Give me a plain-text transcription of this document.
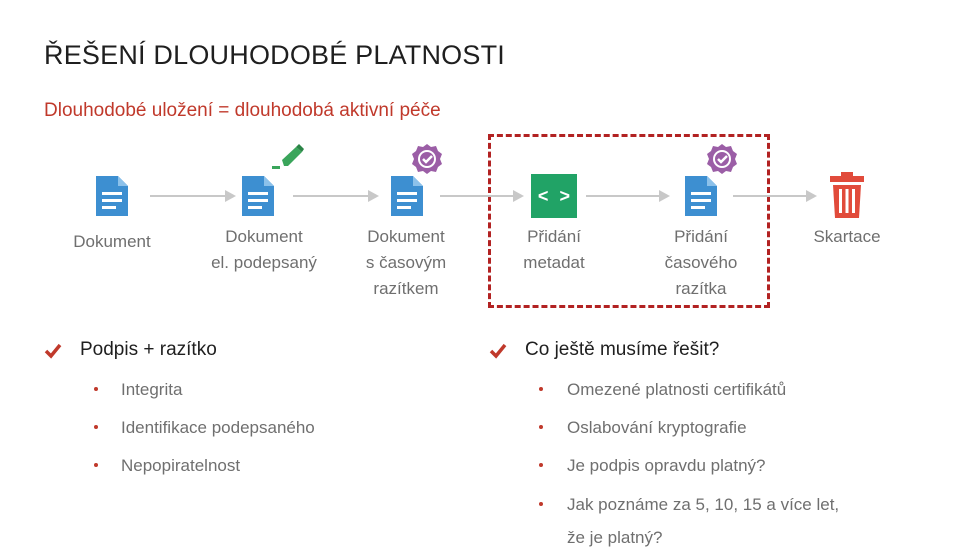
ŘEŠENÍ DLOUHODOBÉ PLATNOSTI
Dlouhodobé uložení = dlouhodobá aktivní péče
< >
Dokument	Dokument
el. podepsaný
Dokument
s časovým
razítkem
Přidání
metadat
Přidání
časového
razítka
Skartace
Podpis + razítko
Integrita
Identifikace podepsaného
Nepopiratelnost
Co ještě musíme řešit?
Omezené platnosti certifikátů
Oslabování kryptografie
Je podpis opravdu platný?
Jak poznáme za 5, 10, 15 a více let,
že je platný?
